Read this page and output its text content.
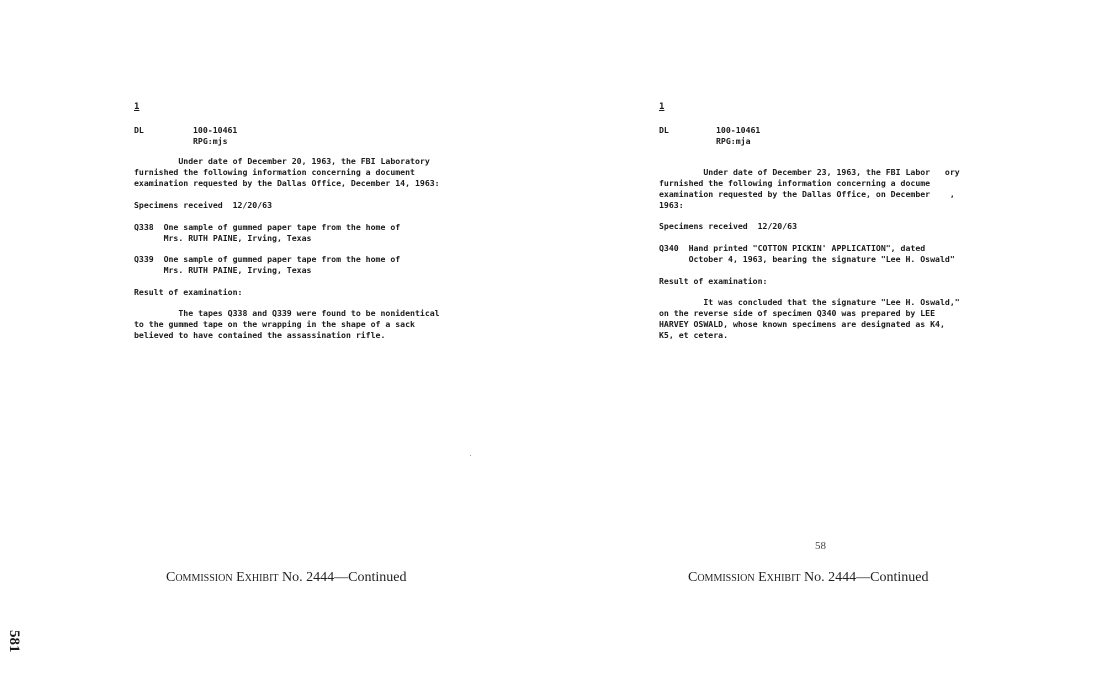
1
DL	100-10461
RPG:mjs
Under date of December 20, 1963, the FBI Laboratory
furnished the following information concerning a document
examination requested by the Dallas Office, December 14, 1963:
Specimens received  12/20/63
Q338  One sample of gummed paper tape from the home of
Mrs. RUTH PAINE, Irving, Texas
Q339  One sample of gummed paper tape from the home of
Mrs. RUTH PAINE, Irving, Texas
Result of examination:
The tapes Q338 and Q339 were found to be nonidentical
to the gummed tape on the wrapping in the shape of a sack
believed to have contained the assassination rifle.
Commission Exhibit No. 2444—Continued
1
DL	100-10461
RPG:mja
Under date of December 23, 1963, the FBI Labor   ory
furnished the following information concerning a docume
examination requested by the Dallas Office, on December    ,
1963:
Specimens received  12/20/63
Q340  Hand printed "COTTON PICKIN' APPLICATION", dated
October 4, 1963, bearing the signature "Lee H. Oswald"
Result of examination:
It was concluded that the signature "Lee H. Oswald,"
on the reverse side of specimen Q340 was prepared by LEE
HARVEY OSWALD, whose known specimens are designated as K4,
K5, et cetera.
58
Commission Exhibit No. 2444—Continued
581
